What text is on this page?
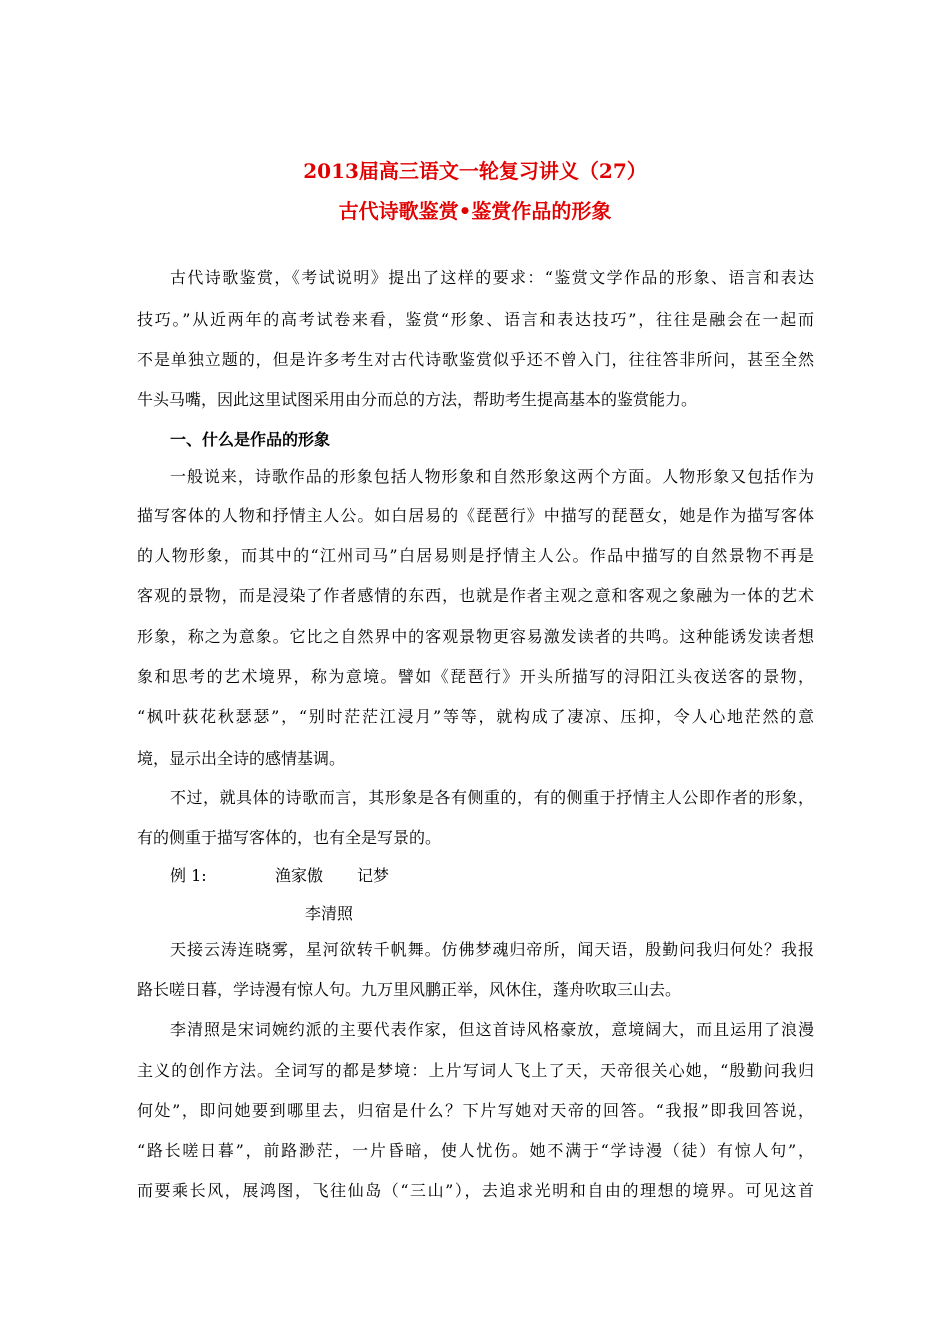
2013届高三语文一轮复习讲义（27）
古代诗歌鉴赏•鉴赏作品的形象

古代诗歌鉴赏，《考试说明》提出了这样的要求：“鉴赏文学作品的形象、语言和表达

技巧。”从近两年的高考试卷来看，鉴赏“形象、语言和表达技巧”，往往是融会在一起而

不是单独立题的，但是许多考生对古代诗歌鉴赏似乎还不曾入门，往往答非所问，甚至全然

牛头马嘴，因此这里试图采用由分而总的方法，帮助考生提高基本的鉴赏能力。

一、什么是作品的形象

一般说来，诗歌作品的形象包括人物形象和自然形象这两个方面。人物形象又包括作为

描写客体的人物和抒情主人公。如白居易的《琵琶行》中描写的琵琶女，她是作为描写客体

的人物形象，而其中的“江州司马”白居易则是抒情主人公。作品中描写的自然景物不再是

客观的景物，而是浸染了作者感情的东西，也就是作者主观之意和客观之象融为一体的艺术

形象，称之为意象。它比之自然界中的客观景物更容易激发读者的共鸣。这种能诱发读者想

象和思考的艺术境界，称为意境。譬如《琵琶行》开头所描写的浔阳江头夜送客的景物，

“枫叶荻花秋瑟瑟”，“别时茫茫江浸月”等等，就构成了凄凉、压抑，令人心地茫然的意

境，显示出全诗的感情基调。

不过，就具体的诗歌而言，其形象是各有侧重的，有的侧重于抒情主人公即作者的形象，

有的侧重于描写客体的，也有全是写景的。

例 1:	渔家傲 记梦
李清照

天接云涛连晓雾，星河欲转千帆舞。仿佛梦魂归帝所，闻天语，殷勤问我归何处？我报

路长嗟日暮，学诗漫有惊人句。九万里风鹏正举，风休住，蓬舟吹取三山去。

李清照是宋词婉约派的主要代表作家，但这首诗风格豪放，意境阔大，而且运用了浪漫

主义的创作方法。全词写的都是梦境：上片写词人飞上了天，天帝很关心她，“殷勤问我归

何处”，即问她要到哪里去，归宿是什么？下片写她对天帝的回答。“我报”即我回答说，

“路长嗟日暮”，前路渺茫，一片昏暗，使人忧伤。她不满于“学诗漫（徒）有惊人句”，

而要乘长风，展鸿图，飞往仙岛（“三山”），去追求光明和自由的理想的境界。可见这首
